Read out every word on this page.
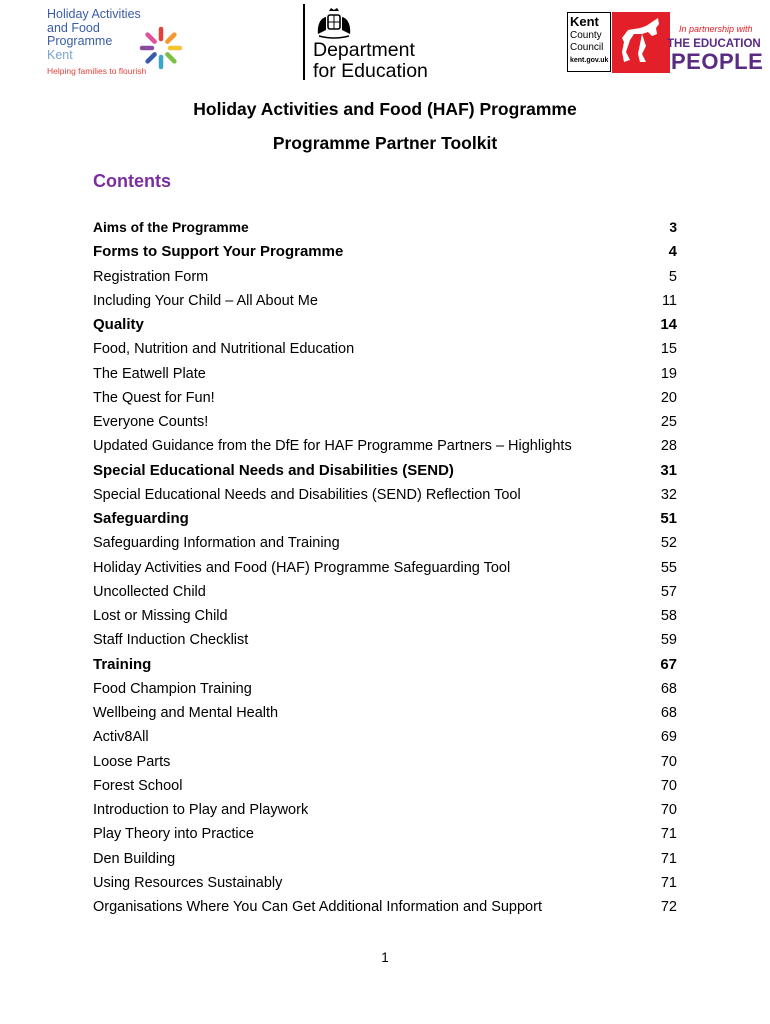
Holiday Activities
and Food
Programme
Kent
Helping families to flourish
Department
for Education
Kent
County
Council
kent.gov.uk
In partnership with
THE EDUCATION
PEOPLE
Holiday Activities and Food (HAF) Programme
Programme Partner Toolkit
Contents
Aims of the Programme	3
Forms to Support Your Programme	4
Registration Form	5
Including Your Child – All About Me	11
Quality	14
Food, Nutrition and Nutritional Education	15
The Eatwell Plate	19
The Quest for Fun!	20
Everyone Counts!	25
Updated Guidance from the DfE for HAF Programme Partners – Highlights	28
Special Educational Needs and Disabilities (SEND)	31
Special Educational Needs and Disabilities (SEND) Reflection Tool	32
Safeguarding	51
Safeguarding Information and Training	52
Holiday Activities and Food (HAF) Programme Safeguarding Tool	55
Uncollected Child	57
Lost or Missing Child	58
Staff Induction Checklist	59
Training	67
Food Champion Training	68
Wellbeing and Mental Health	68
Activ8All	69
Loose Parts	70
Forest School	70
Introduction to Play and Playwork	70
Play Theory into Practice	71
Den Building	71
Using Resources Sustainably	71
Organisations Where You Can Get Additional Information and Support	72
1
